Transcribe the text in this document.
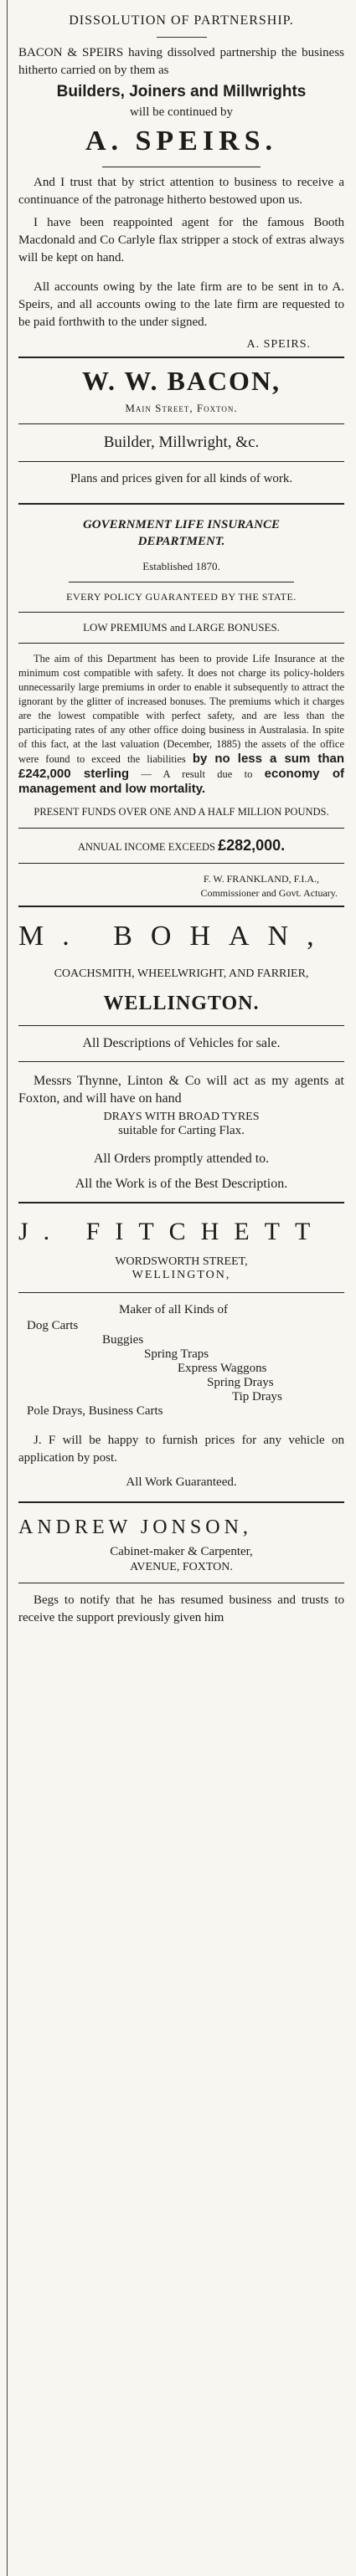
DISSOLUTION OF PARTNERSHIP.
BACON & SPEIRS having dissolved partnership the business hitherto carried on by them as
Builders, Joiners and Millwrights
will be continued by
A. SPEIRS.
And I trust that by strict attention to business to receive a continuance of the patronage hitherto bestowed upon us.
I have been reappointed agent for the famous Booth Macdonald and Co Carlyle flax stripper a stock of extras always will be kept on hand.
All accounts owing by the late firm are to be sent in to A. Speirs, and all accounts owing to the late firm are requested to be paid forthwith to the under signed.
A. SPEIRS.
W. W. BACON,
Main Street, Foxton.
Builder, Millwright, &c.
Plans and prices given for all kinds of work.
GOVERNMENT LIFE INSURANCE DEPARTMENT.
Established 1870.
EVERY POLICY GUARANTEED BY THE STATE.
LOW PREMIUMS and LARGE BONUSES.
The aim of this Department has been to provide Life Insurance at the minimum cost compatible with safety. It does not charge its policy-holders unnecessarily large premiums in order to enable it subsequently to attract the ignorant by the glitter of increased bonuses. The premiums which it charges are the lowest compatible with perfect safety, and are less than the participating rates of any other office doing business in Australasia. In spite of this fact, at the last valuation (December, 1885) the assets of the office were found to exceed the liabilities by no less a sum than £242,000 sterling — A result due to economy of management and low mortality.
PRESENT FUNDS OVER ONE AND A HALF MILLION POUNDS.
ANNUAL INCOME EXCEEDS £282,000.
F. W. FRANKLAND, F.I.A.,
Commissioner and Govt. Actuary.
M. BOHAN,
COACHSMITH, WHEELWRIGHT, AND FARRIER,
WELLINGTON.
All Descriptions of Vehicles for sale.
Messrs Thynne, Linton & Co will act as my agents at Foxton, and will have on hand
DRAYS WITH BROAD TYRES
suitable for Carting Flax.
All Orders promptly attended to.
All the Work is of the Best Description.
J. FITCHETT
WORDSWORTH STREET,
WELLINGTON,
Maker of all Kinds of
Dog Carts
Buggies
Spring Traps
Express Waggons
Spring Drays
Tip Drays
Pole Drays, Business Carts
J. F will be happy to furnish prices for any vehicle on application by post.
All Work Guaranteed.
ANDREW JONSON,
Cabinet-maker & Carpenter,
AVENUE, FOXTON.
Begs to notify that he has resumed business and trusts to receive the support previously given him
